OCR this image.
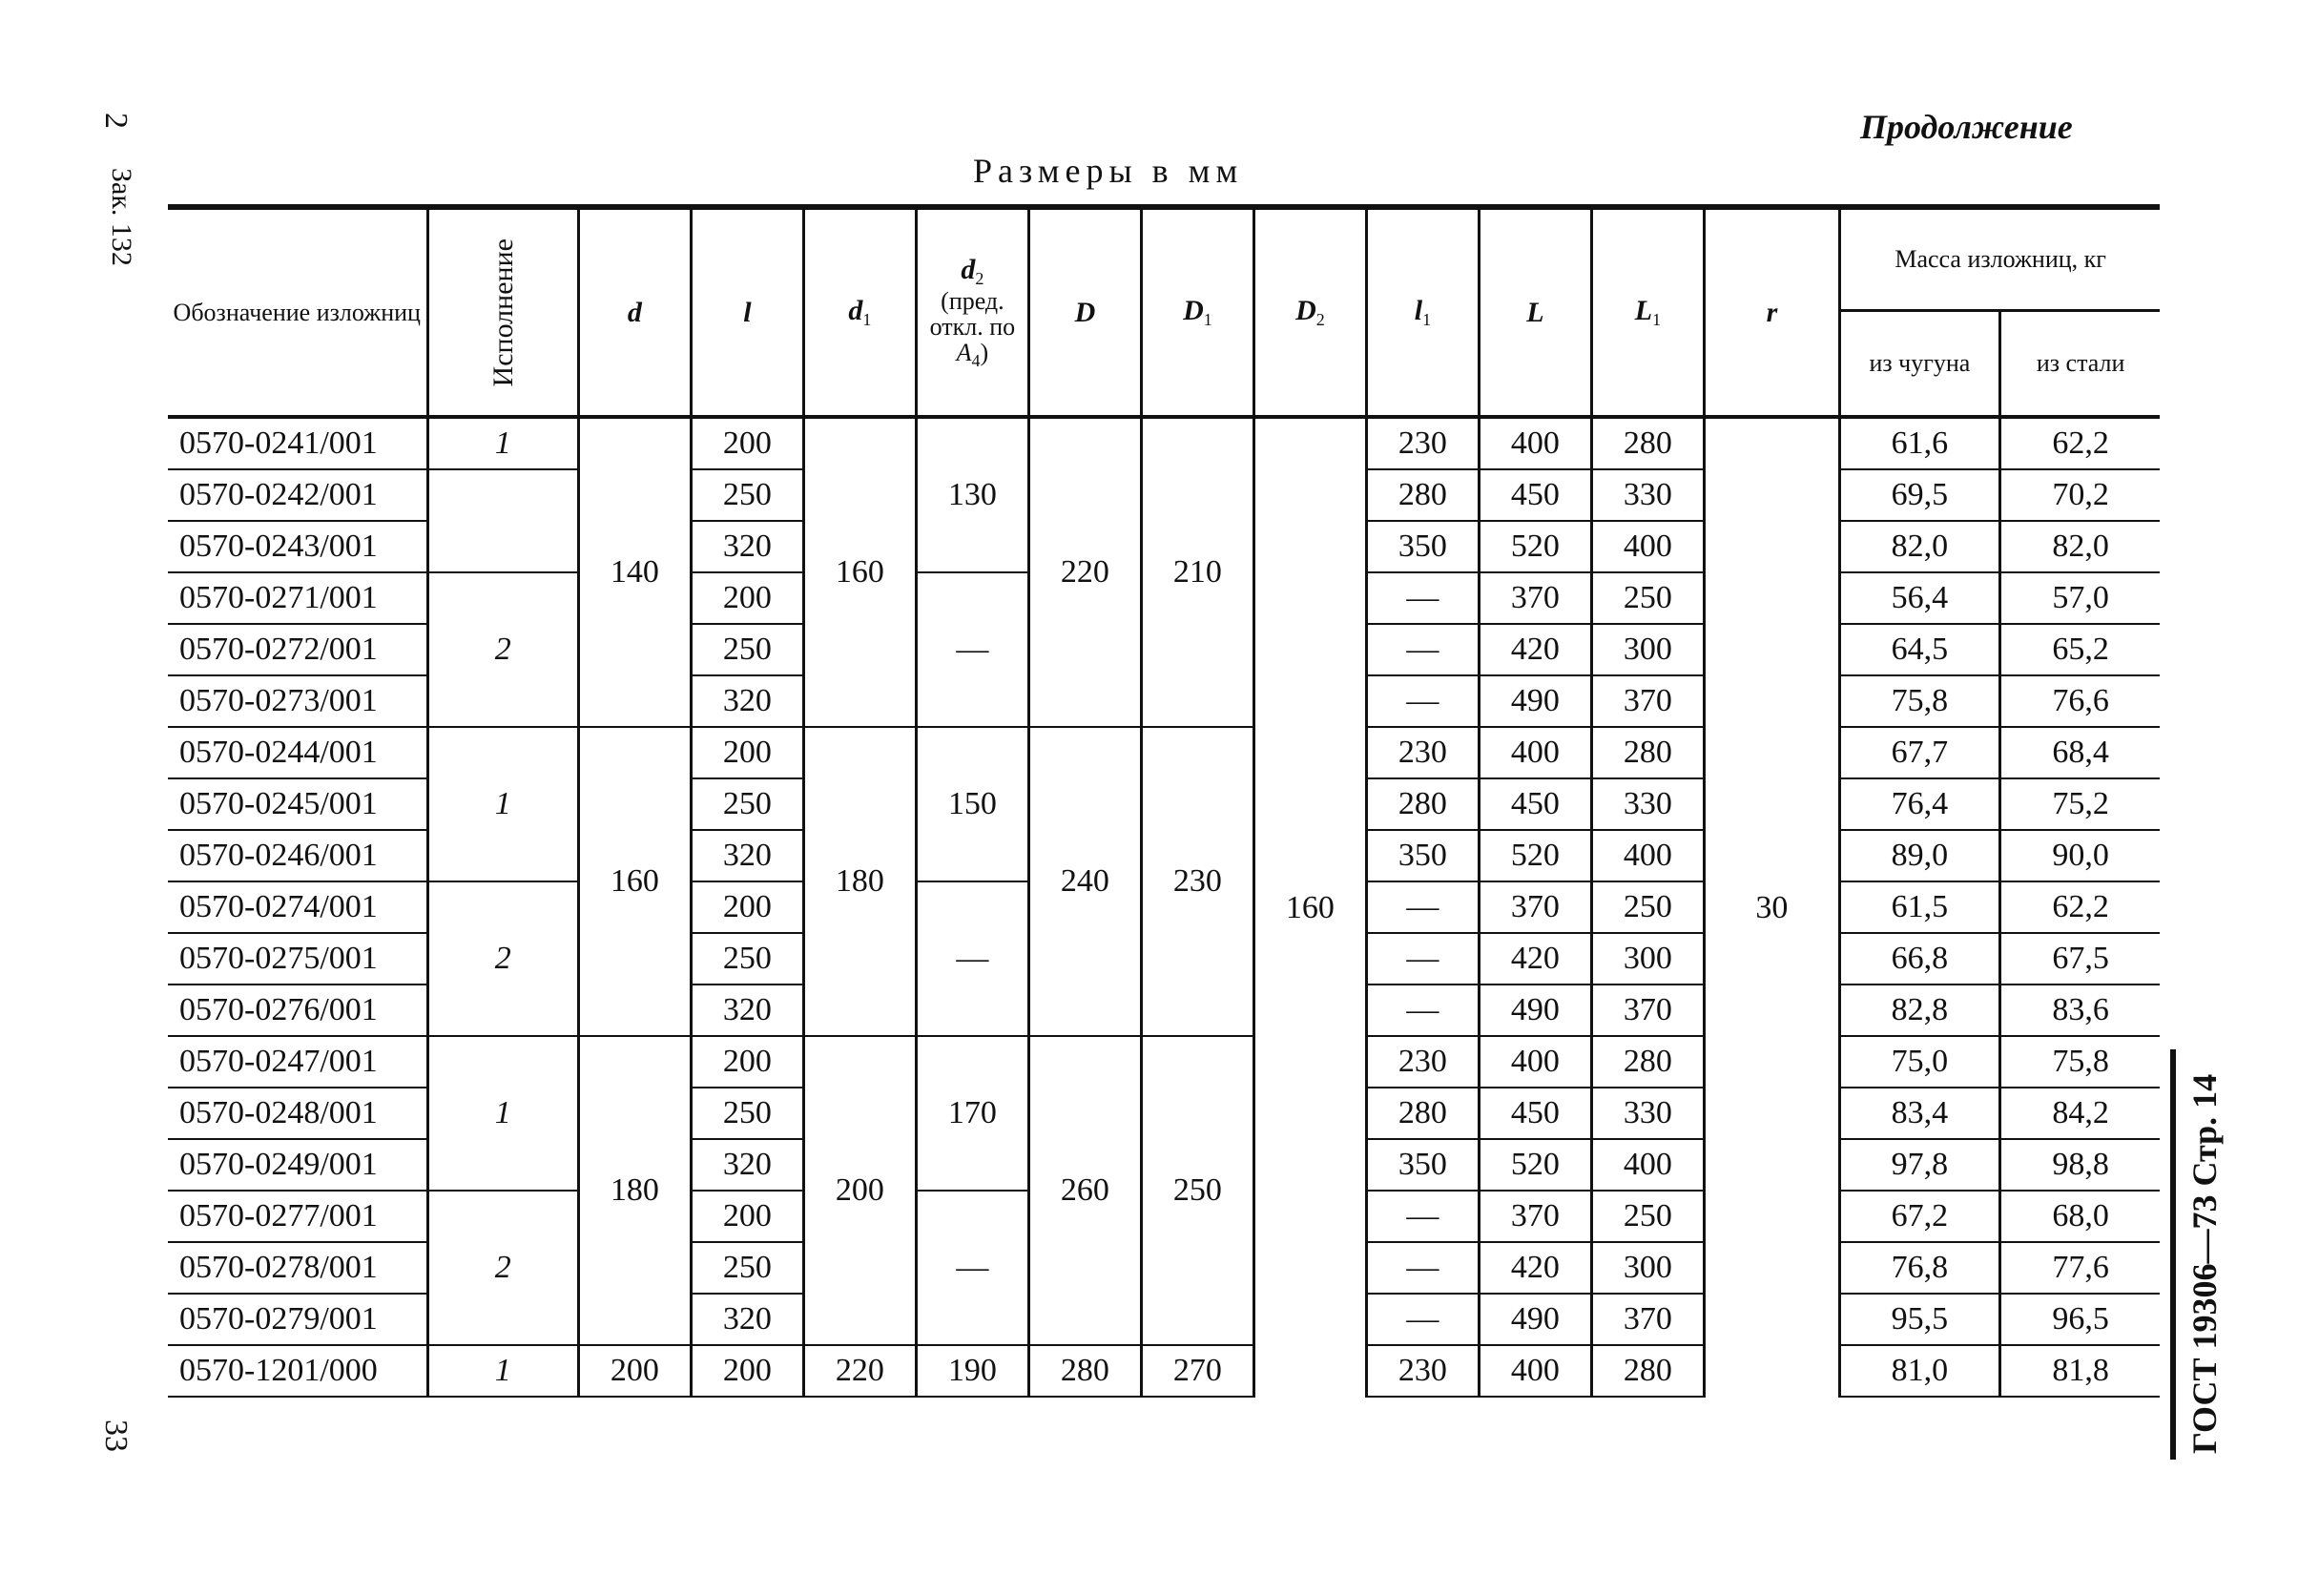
Продолжение
Размеры в мм
2
Зак. 132
33	ГОСТ 19306—73 Стр. 14
Обозначение изложниц	Исполнение	d	l	$d_1$	$d_2$
(пред. откл. по $A_4$)	D	$D_1$	$D_2$	$l_1$	L	$L_1$	r	Масса изложниц, кг	
													из чугуна	из стали
0570-0241/001	1	140	200	160	130	220	210	160	230	400	280	30	61,6	62,2
0570-0242/001			250						280	450	330		69,5	70,2
0570-0243/001			320						350	520	400		82,0	82,0
0570-0271/001	2		200		—				—	370	250		56,4	57,0
0570-0272/001			250						—	420	300		64,5	65,2
0570-0273/001			320						—	490	370		75,8	76,6
0570-0244/001	1	160	200	180	150	240	230		230	400	280		67,7	68,4
0570-0245/001			250						280	450	330		76,4	75,2
0570-0246/001			320						350	520	400		89,0	90,0
0570-0274/001	2		200		—				—	370	250		61,5	62,2
0570-0275/001			250						—	420	300		66,8	67,5
0570-0276/001			320						—	490	370		82,8	83,6
0570-0247/001	1	180	200	200	170	260	250		230	400	280		75,0	75,8
0570-0248/001			250						280	450	330		83,4	84,2
0570-0249/001			320						350	520	400		97,8	98,8
0570-0277/001	2		200		—				—	370	250		67,2	68,0
0570-0278/001			250						—	420	300		76,8	77,6
0570-0279/001			320						—	490	370		95,5	96,5
0570-1201/000	1	200	200	220	190	280	270		230	400	280		81,0	81,8
